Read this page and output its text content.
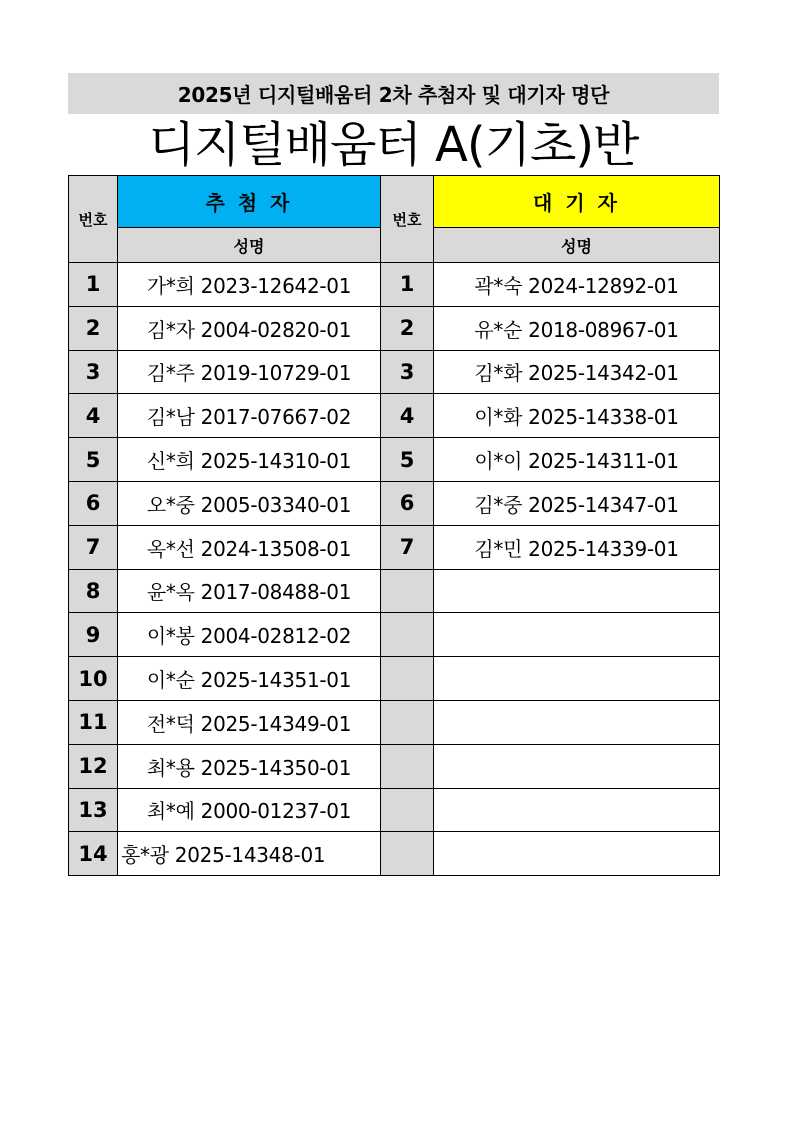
2025년 디지털배움터 2차 추첨자 및 대기자 명단
디지털배움터 A(기초)반
번호	추 첨 자	번호	대 기 자
	성명		성명
1	가*희 2023-12642-01	1	곽*숙 2024-12892-01
2	김*자 2004-02820-01	2	유*순 2018-08967-01
3	김*주 2019-10729-01	3	김*화 2025-14342-01
4	김*남 2017-07667-02	4	이*화 2025-14338-01
5	신*희 2025-14310-01	5	이*이 2025-14311-01
6	오*중 2005-03340-01	6	김*중 2025-14347-01
7	옥*선 2024-13508-01	7	김*민 2025-14339-01
8	윤*옥 2017-08488-01		
9	이*봉 2004-02812-02		
10	이*순 2025-14351-01		
11	전*덕 2025-14349-01		
12	최*용 2025-14350-01		
13	최*예 2000-01237-01		
14	홍*광 2025-14348-01		
